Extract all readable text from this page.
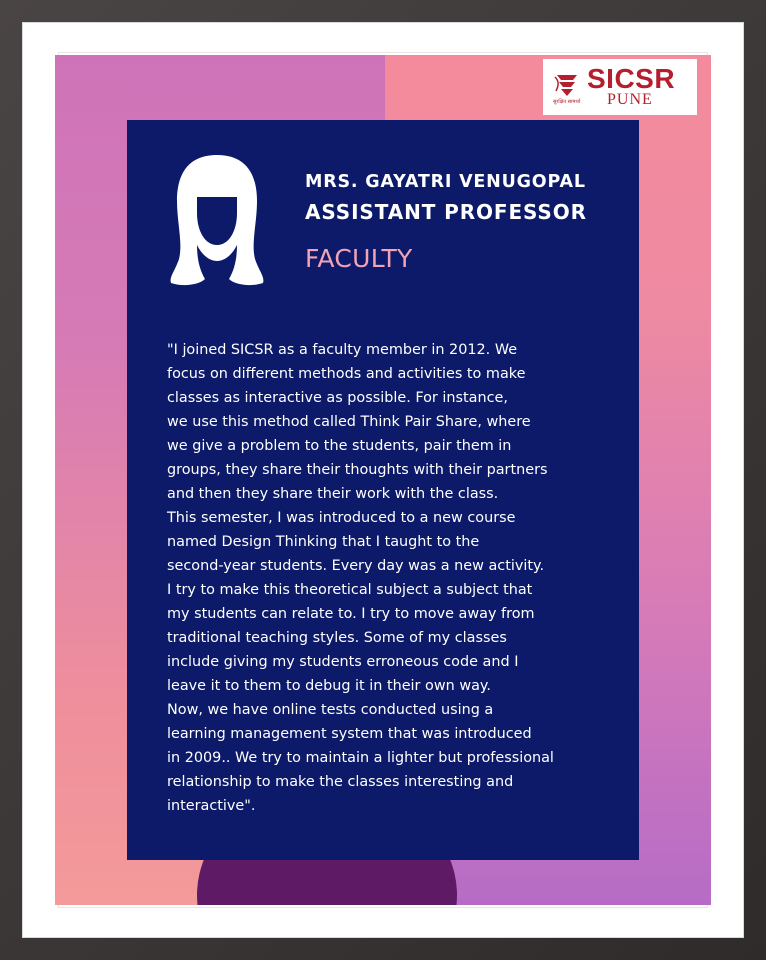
सुरक्षित सामर्थ्य
SICSR
PUNE
MRS. GAYATRI VENUGOPAL
ASSISTANT PROFESSOR
FACULTY
"I joined SICSR as a faculty member in 2012. We
focus on different methods and activities to make
classes as interactive as possible. For instance,
we use this method called Think Pair Share, where
we give a problem to the students, pair them in
groups, they share their thoughts with their partners
and then they share their work with the class.
This semester, I was introduced to a new course
named Design Thinking that I taught to the
second-year students. Every day was a new activity.
I try to make this theoretical subject a subject that
my students can relate to. I try to move away from
traditional teaching styles. Some of my classes
include giving my students erroneous code and I
leave it to them to debug it in their own way.
Now, we have online tests conducted using a
learning management system that was introduced
in 2009.. We try to maintain a lighter but professional
relationship to make the classes interesting and
interactive".
